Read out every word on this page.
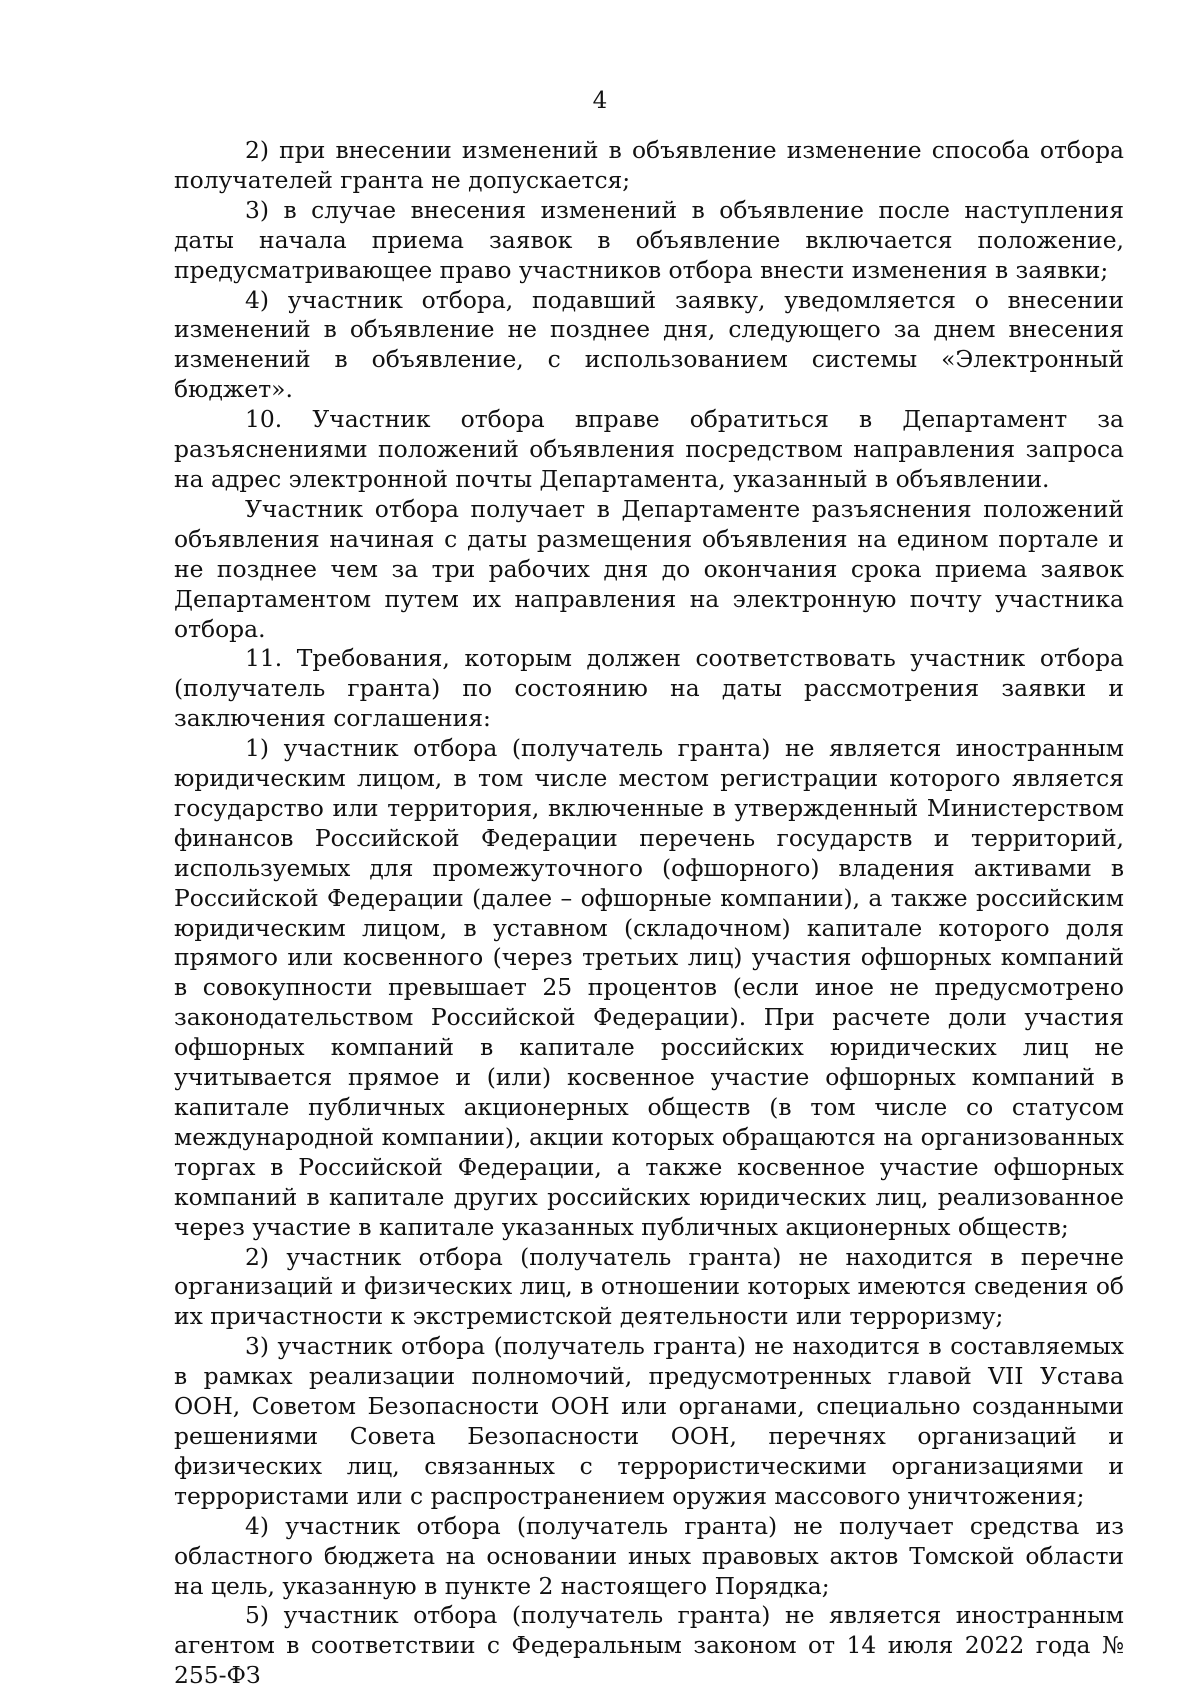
4

2) при внесении изменений в объявление изменение способа отбора получателей гранта не допускается;

3) в случае внесения изменений в объявление после наступления даты начала приема заявок в объявление включается положение, предусматривающее право участников отбора внести изменения в заявки;

4) участник отбора, подавший заявку, уведомляется о внесении изменений в объявление не позднее дня, следующего за днем внесения изменений в объявление, с использованием системы «Электронный бюджет».

10. Участник отбора вправе обратиться в Департамент за разъяснениями положений объявления посредством направления запроса на адрес электронной почты Департамента, указанный в объявлении.

Участник отбора получает в Департаменте разъяснения положений объявления начиная с даты размещения объявления на едином портале и не позднее чем за три рабочих дня до окончания срока приема заявок Департаментом путем их направления на электронную почту участника отбора.

11. Требования, которым должен соответствовать участник отбора (получатель гранта) по состоянию на даты рассмотрения заявки и заключения соглашения:

1) участник отбора (получатель гранта) не является иностранным юридическим лицом, в том числе местом регистрации которого является государство или территория, включенные в утвержденный Министерством финансов Российской Федерации перечень государств и территорий, используемых для промежуточного (офшорного) владения активами в Российской Федерации (далее – офшорные компании), а также российским юридическим лицом, в уставном (складочном) капитале которого доля прямого или косвенного (через третьих лиц) участия офшорных компаний в совокупности превышает 25 процентов (если иное не предусмотрено законодательством Российской Федерации). При расчете доли участия офшорных компаний в капитале российских юридических лиц не учитывается прямое и (или) косвенное участие офшорных компаний в капитале публичных акционерных обществ (в том числе со статусом международной компании), акции которых обращаются на организованных торгах в Российской Федерации, а также косвенное участие офшорных компаний в капитале других российских юридических лиц, реализованное через участие в капитале указанных публичных акционерных обществ;

2) участник отбора (получатель гранта) не находится в перечне организаций и физических лиц, в отношении которых имеются сведения об их причастности к экстремистской деятельности или терроризму;

3) участник отбора (получатель гранта) не находится в составляемых в рамках реализации полномочий, предусмотренных главой VII Устава ООН, Советом Безопасности ООН или органами, специально созданными решениями Совета Безопасности ООН, перечнях организаций и физических лиц, связанных с террористическими организациями и террористами или с распространением оружия массового уничтожения;

4) участник отбора (получатель гранта) не получает средства из областного бюджета на основании иных правовых актов Томской области на цель, указанную в пункте 2 настоящего Порядка;

5) участник отбора (получатель гранта) не является иностранным агентом в соответствии с Федеральным законом от 14 июля 2022 года № 255-ФЗ
